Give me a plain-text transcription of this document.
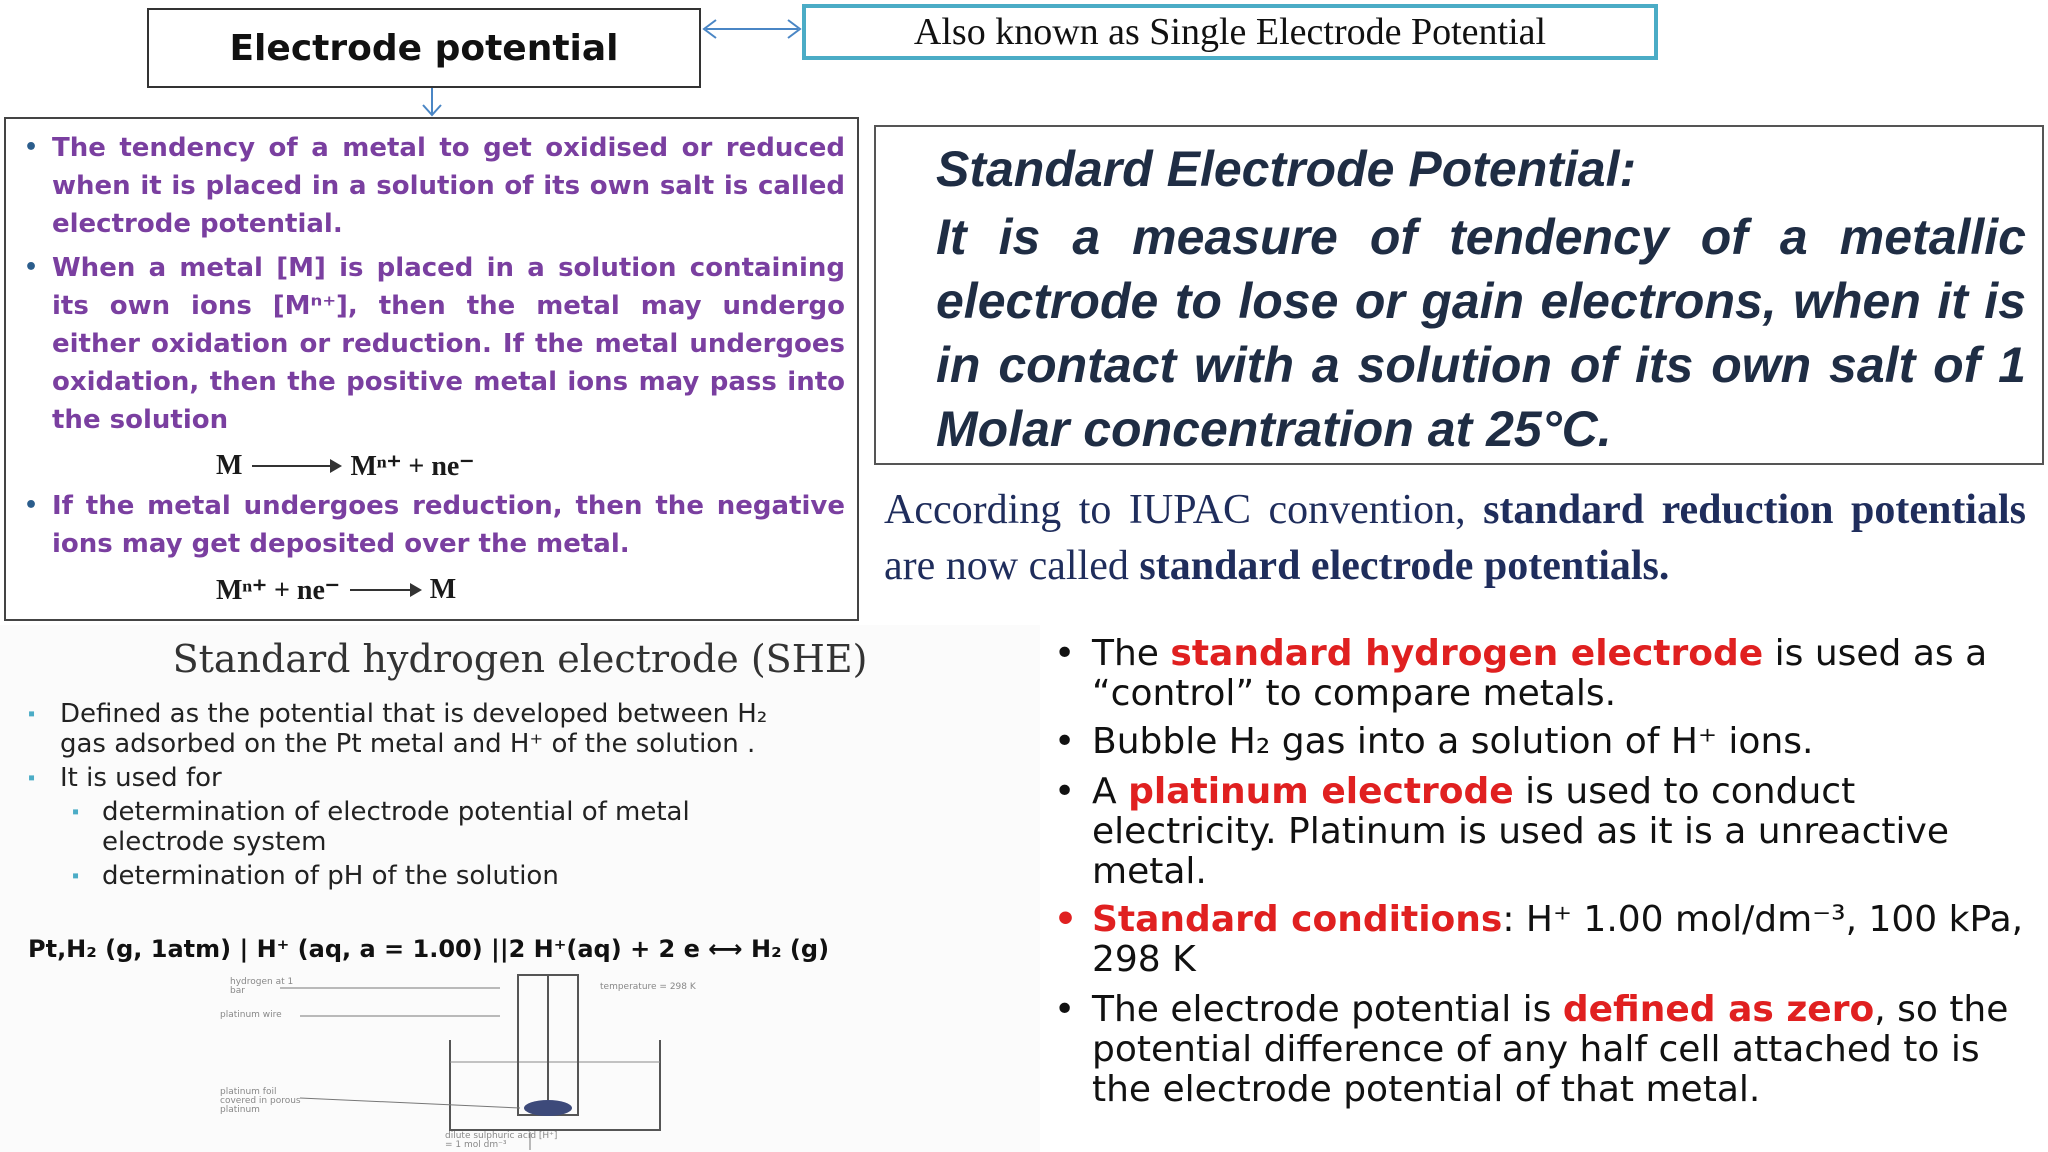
Electrode potential	Also known as Single Electrode Potential
• The tendency of a metal to get oxidised or reduced when it is placed in a solution of its own salt is called electrode potential.
• When a metal [M] is placed in a solution containing its own ions [Mⁿ⁺], then the metal may undergo either oxidation or reduction. If the metal undergoes oxidation, then the positive metal ions may pass into the solution
M	Mⁿ⁺ + ne⁻
• If the metal undergoes reduction, then the negative ions may get deposited over the metal.
Mⁿ⁺ + ne⁻	M
Standard Electrode Potential:
It is a measure of tendency of a metallic electrode to lose or gain electrons, when it is in contact with a solution of its own salt of 1 Molar concentration at 25°C.
According to IUPAC convention, standard reduction potentials are now called standard electrode potentials.
Standard hydrogen electrode (SHE)
▪ Defined as the potential that is developed between H₂
gas adsorbed on the Pt metal and H⁺ of the solution .
▪ It is used for
▪ determination of electrode potential of metal
electrode system
▪ determination of pH of the solution
Pt,H₂ (g, 1atm) | H⁺ (aq, a = 1.00) ||2 H⁺(aq) + 2 e ⟷ H₂ (g)
hydrogen at 1 bar
platinum wire
platinum foil covered in porous platinum
dilute sulphuric acid [H⁺] = 1 mol dm⁻³
temperature = 298 K
• The standard hydrogen electrode is used as a “control” to compare metals.
• Bubble H₂ gas into a solution of H⁺ ions.
• A platinum electrode is used to conduct electricity. Platinum is used as it is a unreactive metal.
• Standard conditions: H⁺ 1.00 mol/dm⁻³, 100 kPa, 298 K
• The electrode potential is defined as zero, so the potential difference of any half cell attached to is the electrode potential of that metal.
